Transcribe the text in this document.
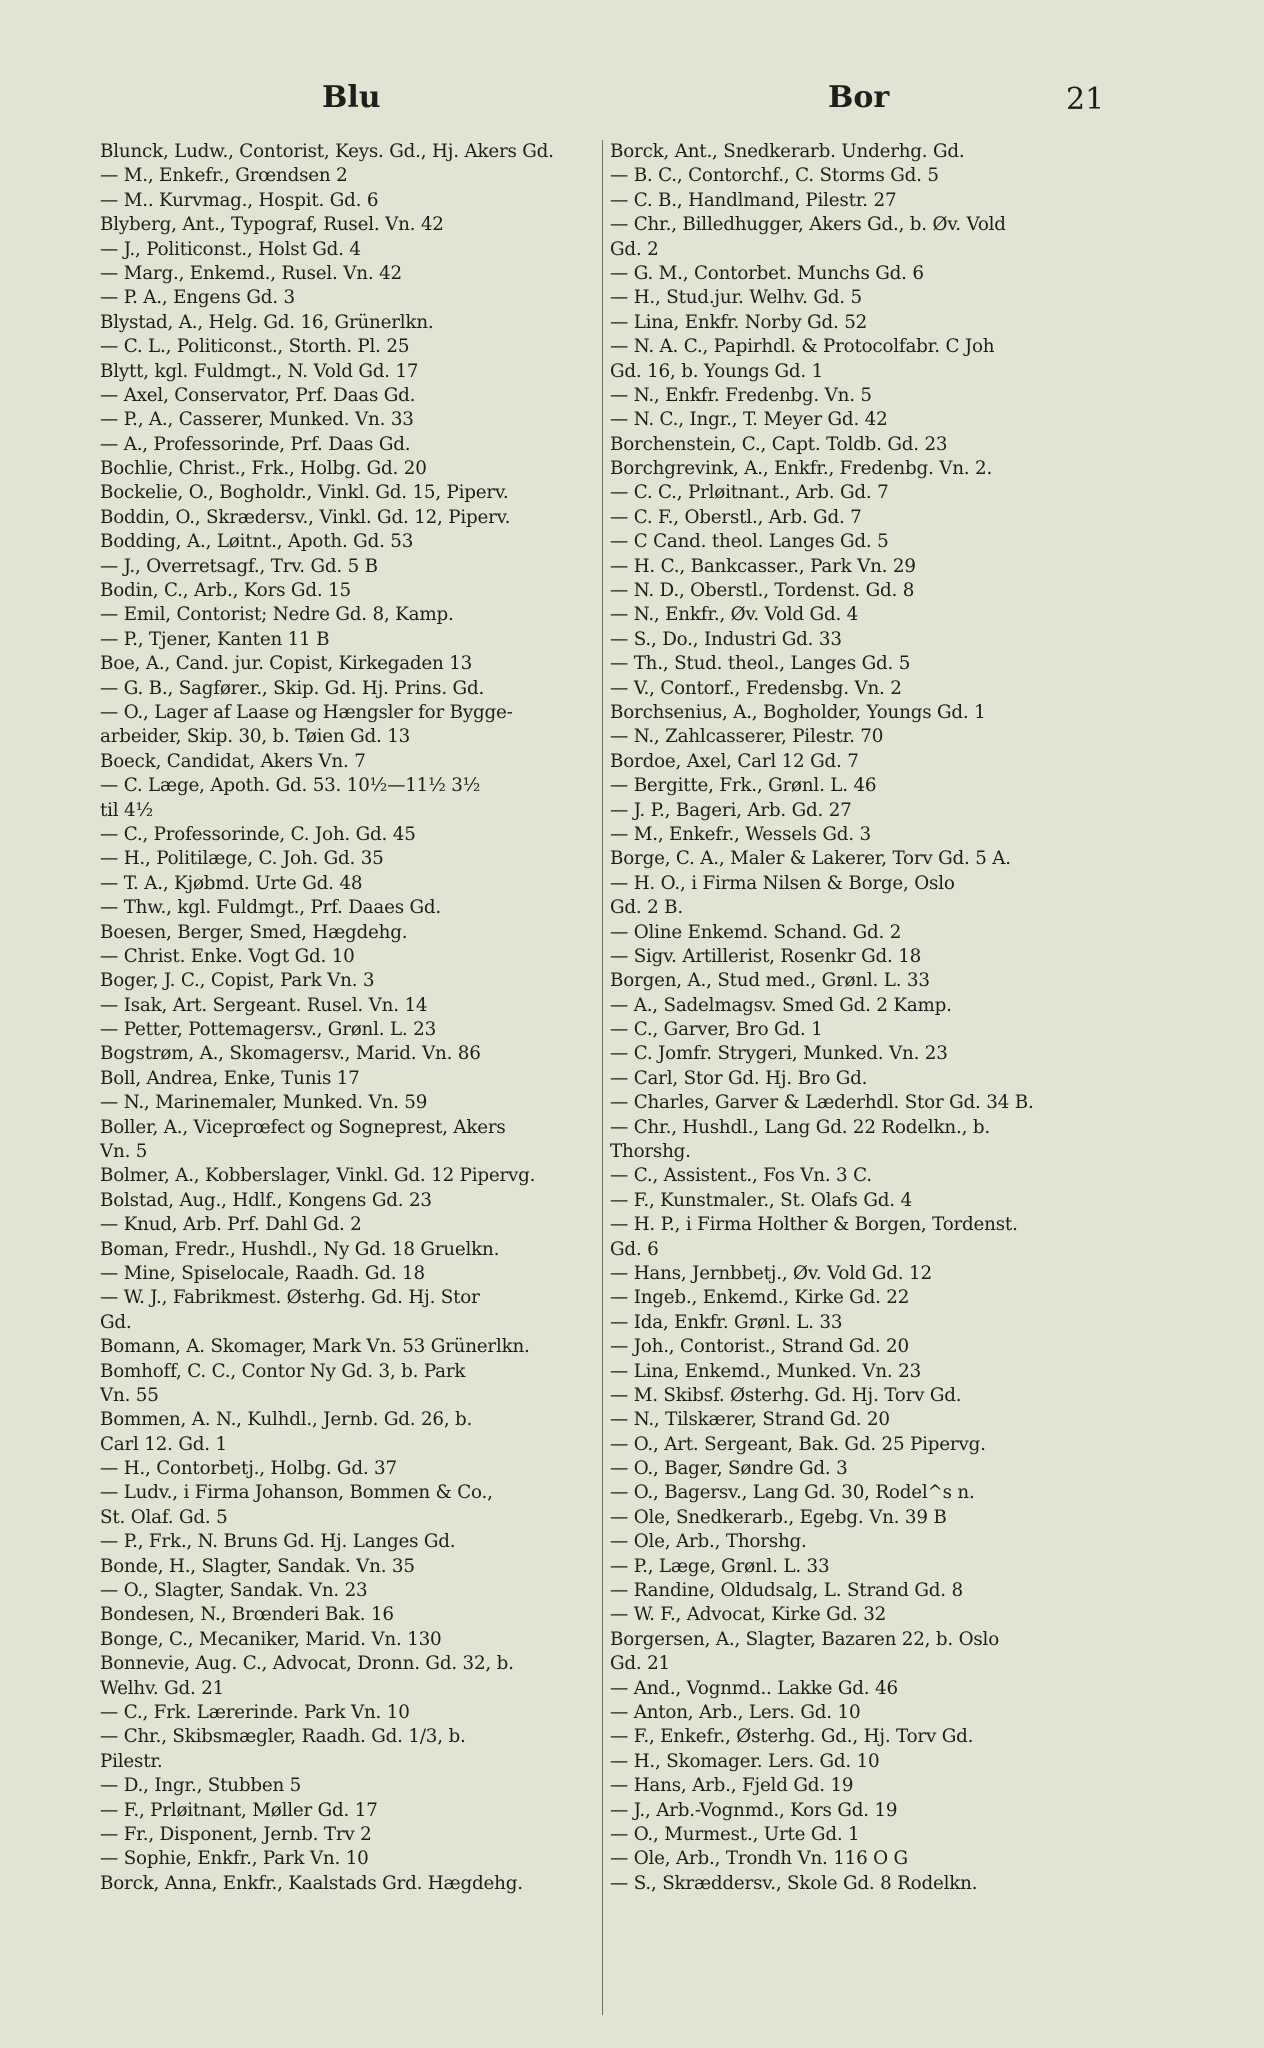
Blu	Bor	21
Blunck, Ludw., Contorist, Keys. Gd., Hj. Akers Gd.
— M., Enkefr., Grœndsen 2
— M.. Kurvmag., Hospit. Gd. 6
Blyberg, Ant., Typograf, Rusel. Vn. 42
— J., Politiconst., Holst Gd. 4
— Marg., Enkemd., Rusel. Vn. 42
— P. A., Engens Gd. 3
Blystad, A., Helg. Gd. 16, Grünerlkn.
— C. L., Politiconst., Storth. Pl. 25
Blytt, kgl. Fuldmgt., N. Vold Gd. 17
— Axel, Conservator, Prf. Daas Gd.
— P., A., Casserer, Munked. Vn. 33
— A., Professorinde, Prf. Daas Gd.
Bochlie, Christ., Frk., Holbg. Gd. 20
Bockelie, O., Bogholdr., Vinkl. Gd. 15, Piperv.
Boddin, O., Skrædersv., Vinkl. Gd. 12, Piperv.
Bodding, A., Løitnt., Apoth. Gd. 53
— J., Overretsagf., Trv. Gd. 5 B
Bodin, C., Arb., Kors Gd. 15
— Emil, Contorist; Nedre Gd. 8, Kamp.
— P., Tjener, Kanten 11 B
Boe, A., Cand. jur. Copist, Kirkegaden 13
— G. B., Sagfører., Skip. Gd. Hj. Prins. Gd.
— O., Lager af Laase og Hængsler for Bygge-
arbeider, Skip. 30, b. Tøien Gd. 13
Boeck, Candidat, Akers Vn. 7
— C. Læge, Apoth. Gd. 53. 10½—11½ 3½
til 4½
— C., Professorinde, C. Joh. Gd. 45
— H., Politilæge, C. Joh. Gd. 35
— T. A., Kjøbmd. Urte Gd. 48
— Thw., kgl. Fuldmgt., Prf. Daaes Gd.
Boesen, Berger, Smed, Hægdehg.
— Christ. Enke. Vogt Gd. 10
Boger, J. C., Copist, Park Vn. 3
— Isak, Art. Sergeant. Rusel. Vn. 14
— Petter, Pottemagersv., Grønl. L. 23
Bogstrøm, A., Skomagersv., Marid. Vn. 86
Boll, Andrea, Enke, Tunis 17
— N., Marinemaler, Munked. Vn. 59
Boller, A., Viceprœfect og Sogneprest, Akers
Vn. 5
Bolmer, A., Kobberslager, Vinkl. Gd. 12 Pipervg.
Bolstad, Aug., Hdlf., Kongens Gd. 23
— Knud, Arb. Prf. Dahl Gd. 2
Boman, Fredr., Hushdl., Ny Gd. 18 Gruelkn.
— Mine, Spiselocale, Raadh. Gd. 18
— W. J., Fabrikmest. Østerhg. Gd. Hj. Stor
Gd.
Bomann, A. Skomager, Mark Vn. 53 Grünerlkn.
Bomhoff, C. C., Contor Ny Gd. 3, b. Park
Vn. 55
Bommen, A. N., Kulhdl., Jernb. Gd. 26, b.
Carl 12. Gd. 1
— H., Contorbetj., Holbg. Gd. 37
— Ludv., i Firma Johanson, Bommen & Co.,
St. Olaf. Gd. 5
— P., Frk., N. Bruns Gd. Hj. Langes Gd.
Bonde, H., Slagter, Sandak. Vn. 35
— O., Slagter, Sandak. Vn. 23
Bondesen, N., Brœnderi Bak. 16
Bonge, C., Mecaniker, Marid. Vn. 130
Bonnevie, Aug. C., Advocat, Dronn. Gd. 32, b.
Welhv. Gd. 21
— C., Frk. Lærerinde. Park Vn. 10
— Chr., Skibsmægler, Raadh. Gd. 1/3, b.
Pilestr.
— D., Ingr., Stubben 5
— F., Prløitnant, Møller Gd. 17
— Fr., Disponent, Jernb. Trv 2
— Sophie, Enkfr., Park Vn. 10
Borck, Anna, Enkfr., Kaalstads Grd. Hægdehg.
Borck, Ant., Snedkerarb. Underhg. Gd.
— B. C., Contorchf., C. Storms Gd. 5
— C. B., Handlmand, Pilestr. 27
— Chr., Billedhugger, Akers Gd., b. Øv. Vold
Gd. 2
— G. M., Contorbet. Munchs Gd. 6
— H., Stud.jur. Welhv. Gd. 5
— Lina, Enkfr. Norby Gd. 52
— N. A. C., Papirhdl. & Protocolfabr. C Joh
Gd. 16, b. Youngs Gd. 1
— N., Enkfr. Fredenbg. Vn. 5
— N. C., Ingr., T. Meyer Gd. 42
Borchenstein, C., Capt. Toldb. Gd. 23
Borchgrevink, A., Enkfr., Fredenbg. Vn. 2.
— C. C., Prløitnant., Arb. Gd. 7
— C. F., Oberstl., Arb. Gd. 7
— C Cand. theol. Langes Gd. 5
— H. C., Bankcasser., Park Vn. 29
— N. D., Oberstl., Tordenst. Gd. 8
— N., Enkfr., Øv. Vold Gd. 4
— S., Do., Industri Gd. 33
— Th., Stud. theol., Langes Gd. 5
— V., Contorf., Fredensbg. Vn. 2
Borchsenius, A., Bogholder, Youngs Gd. 1
— N., Zahlcasserer, Pilestr. 70
Bordoe, Axel, Carl 12 Gd. 7
— Bergitte, Frk., Grønl. L. 46
— J. P., Bageri, Arb. Gd. 27
— M., Enkefr., Wessels Gd. 3
Borge, C. A., Maler & Lakerer, Torv Gd. 5 A.
— H. O., i Firma Nilsen & Borge, Oslo
Gd. 2 B.
— Oline Enkemd. Schand. Gd. 2
— Sigv. Artillerist, Rosenkr Gd. 18
Borgen, A., Stud med., Grønl. L. 33
— A., Sadelmagsv. Smed Gd. 2 Kamp.
— C., Garver, Bro Gd. 1
— C. Jomfr. Strygeri, Munked. Vn. 23
— Carl, Stor Gd. Hj. Bro Gd.
— Charles, Garver & Læderhdl. Stor Gd. 34 B.
— Chr., Hushdl., Lang Gd. 22 Rodelkn., b.
Thorshg.
— C., Assistent., Fos Vn. 3 C.
— F., Kunstmaler., St. Olafs Gd. 4
— H. P., i Firma Holther & Borgen, Tordenst.
Gd. 6
— Hans, Jernbbetj., Øv. Vold Gd. 12
— Ingeb., Enkemd., Kirke Gd. 22
— Ida, Enkfr. Grønl. L. 33
— Joh., Contorist., Strand Gd. 20
— Lina, Enkemd., Munked. Vn. 23
— M. Skibsf. Østerhg. Gd. Hj. Torv Gd.
— N., Tilskærer, Strand Gd. 20
— O., Art. Sergeant, Bak. Gd. 25 Pipervg.
— O., Bager, Søndre Gd. 3
— O., Bagersv., Lang Gd. 30, Rodel^s n.
— Ole, Snedkerarb., Egebg. Vn. 39 B
— Ole, Arb., Thorshg.
— P., Læge, Grønl. L. 33
— Randine, Oldudsalg, L. Strand Gd. 8
— W. F., Advocat, Kirke Gd. 32
Borgersen, A., Slagter, Bazaren 22, b. Oslo
Gd. 21
— And., Vognmd.. Lakke Gd. 46
— Anton, Arb., Lers. Gd. 10
— F., Enkefr., Østerhg. Gd., Hj. Torv Gd.
— H., Skomager. Lers. Gd. 10
— Hans, Arb., Fjeld Gd. 19
— J., Arb.-Vognmd., Kors Gd. 19
— O., Murmest., Urte Gd. 1
— Ole, Arb., Trondh Vn. 116 O G
— S., Skræddersv., Skole Gd. 8 Rodelkn.
